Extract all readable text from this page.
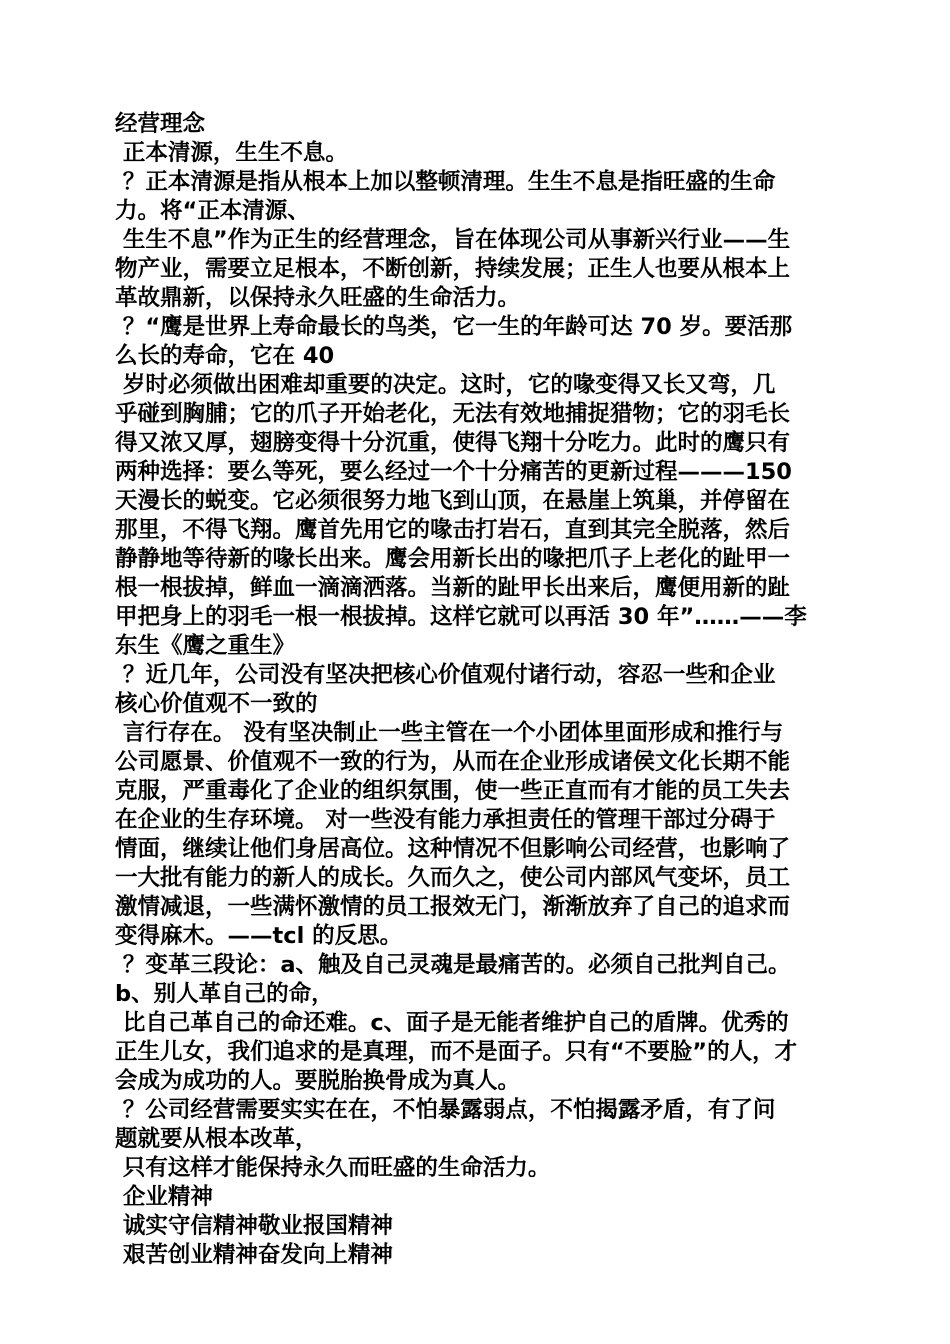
经营理念
正本清源，生生不息。
？正本清源是指从根本上加以整顿清理。生生不息是指旺盛的生命
力。将“正本清源、
生生不息”作为正生的经营理念，旨在体现公司从事新兴行业——生
物产业，需要立足根本，不断创新，持续发展；正生人也要从根本上
革故鼎新，以保持永久旺盛的生命活力。
？“鹰是世界上寿命最长的鸟类，它一生的年龄可达 70 岁。要活那
么长的寿命，它在 40
岁时必须做出困难却重要的决定。这时，它的喙变得又长又弯，几
乎碰到胸脯；它的爪子开始老化，无法有效地捕捉猎物；它的羽毛长
得又浓又厚，翅膀变得十分沉重，使得飞翔十分吃力。此时的鹰只有
两种选择：要么等死，要么经过一个十分痛苦的更新过程———150
天漫长的蜕变。它必须很努力地飞到山顶，在悬崖上筑巢，并停留在
那里，不得飞翔。鹰首先用它的喙击打岩石，直到其完全脱落，然后
静静地等待新的喙长出来。鹰会用新长出的喙把爪子上老化的趾甲一
根一根拔掉，鲜血一滴滴洒落。当新的趾甲长出来后，鹰便用新的趾
甲把身上的羽毛一根一根拔掉。这样它就可以再活 30 年”……——李
东生《鹰之重生》
？近几年，公司没有坚决把核心价值观付诸行动，容忍一些和企业
核心价值观不一致的
言行存在。 没有坚决制止一些主管在一个小团体里面形成和推行与
公司愿景、价值观不一致的行为，从而在企业形成诸侯文化长期不能
克服，严重毒化了企业的组织氛围，使一些正直而有才能的员工失去
在企业的生存环境。 对一些没有能力承担责任的管理干部过分碍于
情面，继续让他们身居高位。这种情况不但影响公司经营，也影响了
一大批有能力的新人的成长。久而久之，使公司内部风气变坏，员工
激情减退，一些满怀激情的员工报效无门，渐渐放弃了自己的追求而
变得麻木。——tcl 的反思。
？变革三段论：a、触及自己灵魂是最痛苦的。必须自己批判自己。
b、别人革自己的命，
比自己革自己的命还难。c、面子是无能者维护自己的盾牌。优秀的
正生儿女，我们追求的是真理，而不是面子。只有“不要脸”的人，才
会成为成功的人。要脱胎换骨成为真人。
？公司经营需要实实在在，不怕暴露弱点，不怕揭露矛盾，有了问
题就要从根本改革，
只有这样才能保持永久而旺盛的生命活力。
企业精神
诚实守信精神敬业报国精神
艰苦创业精神奋发向上精神
